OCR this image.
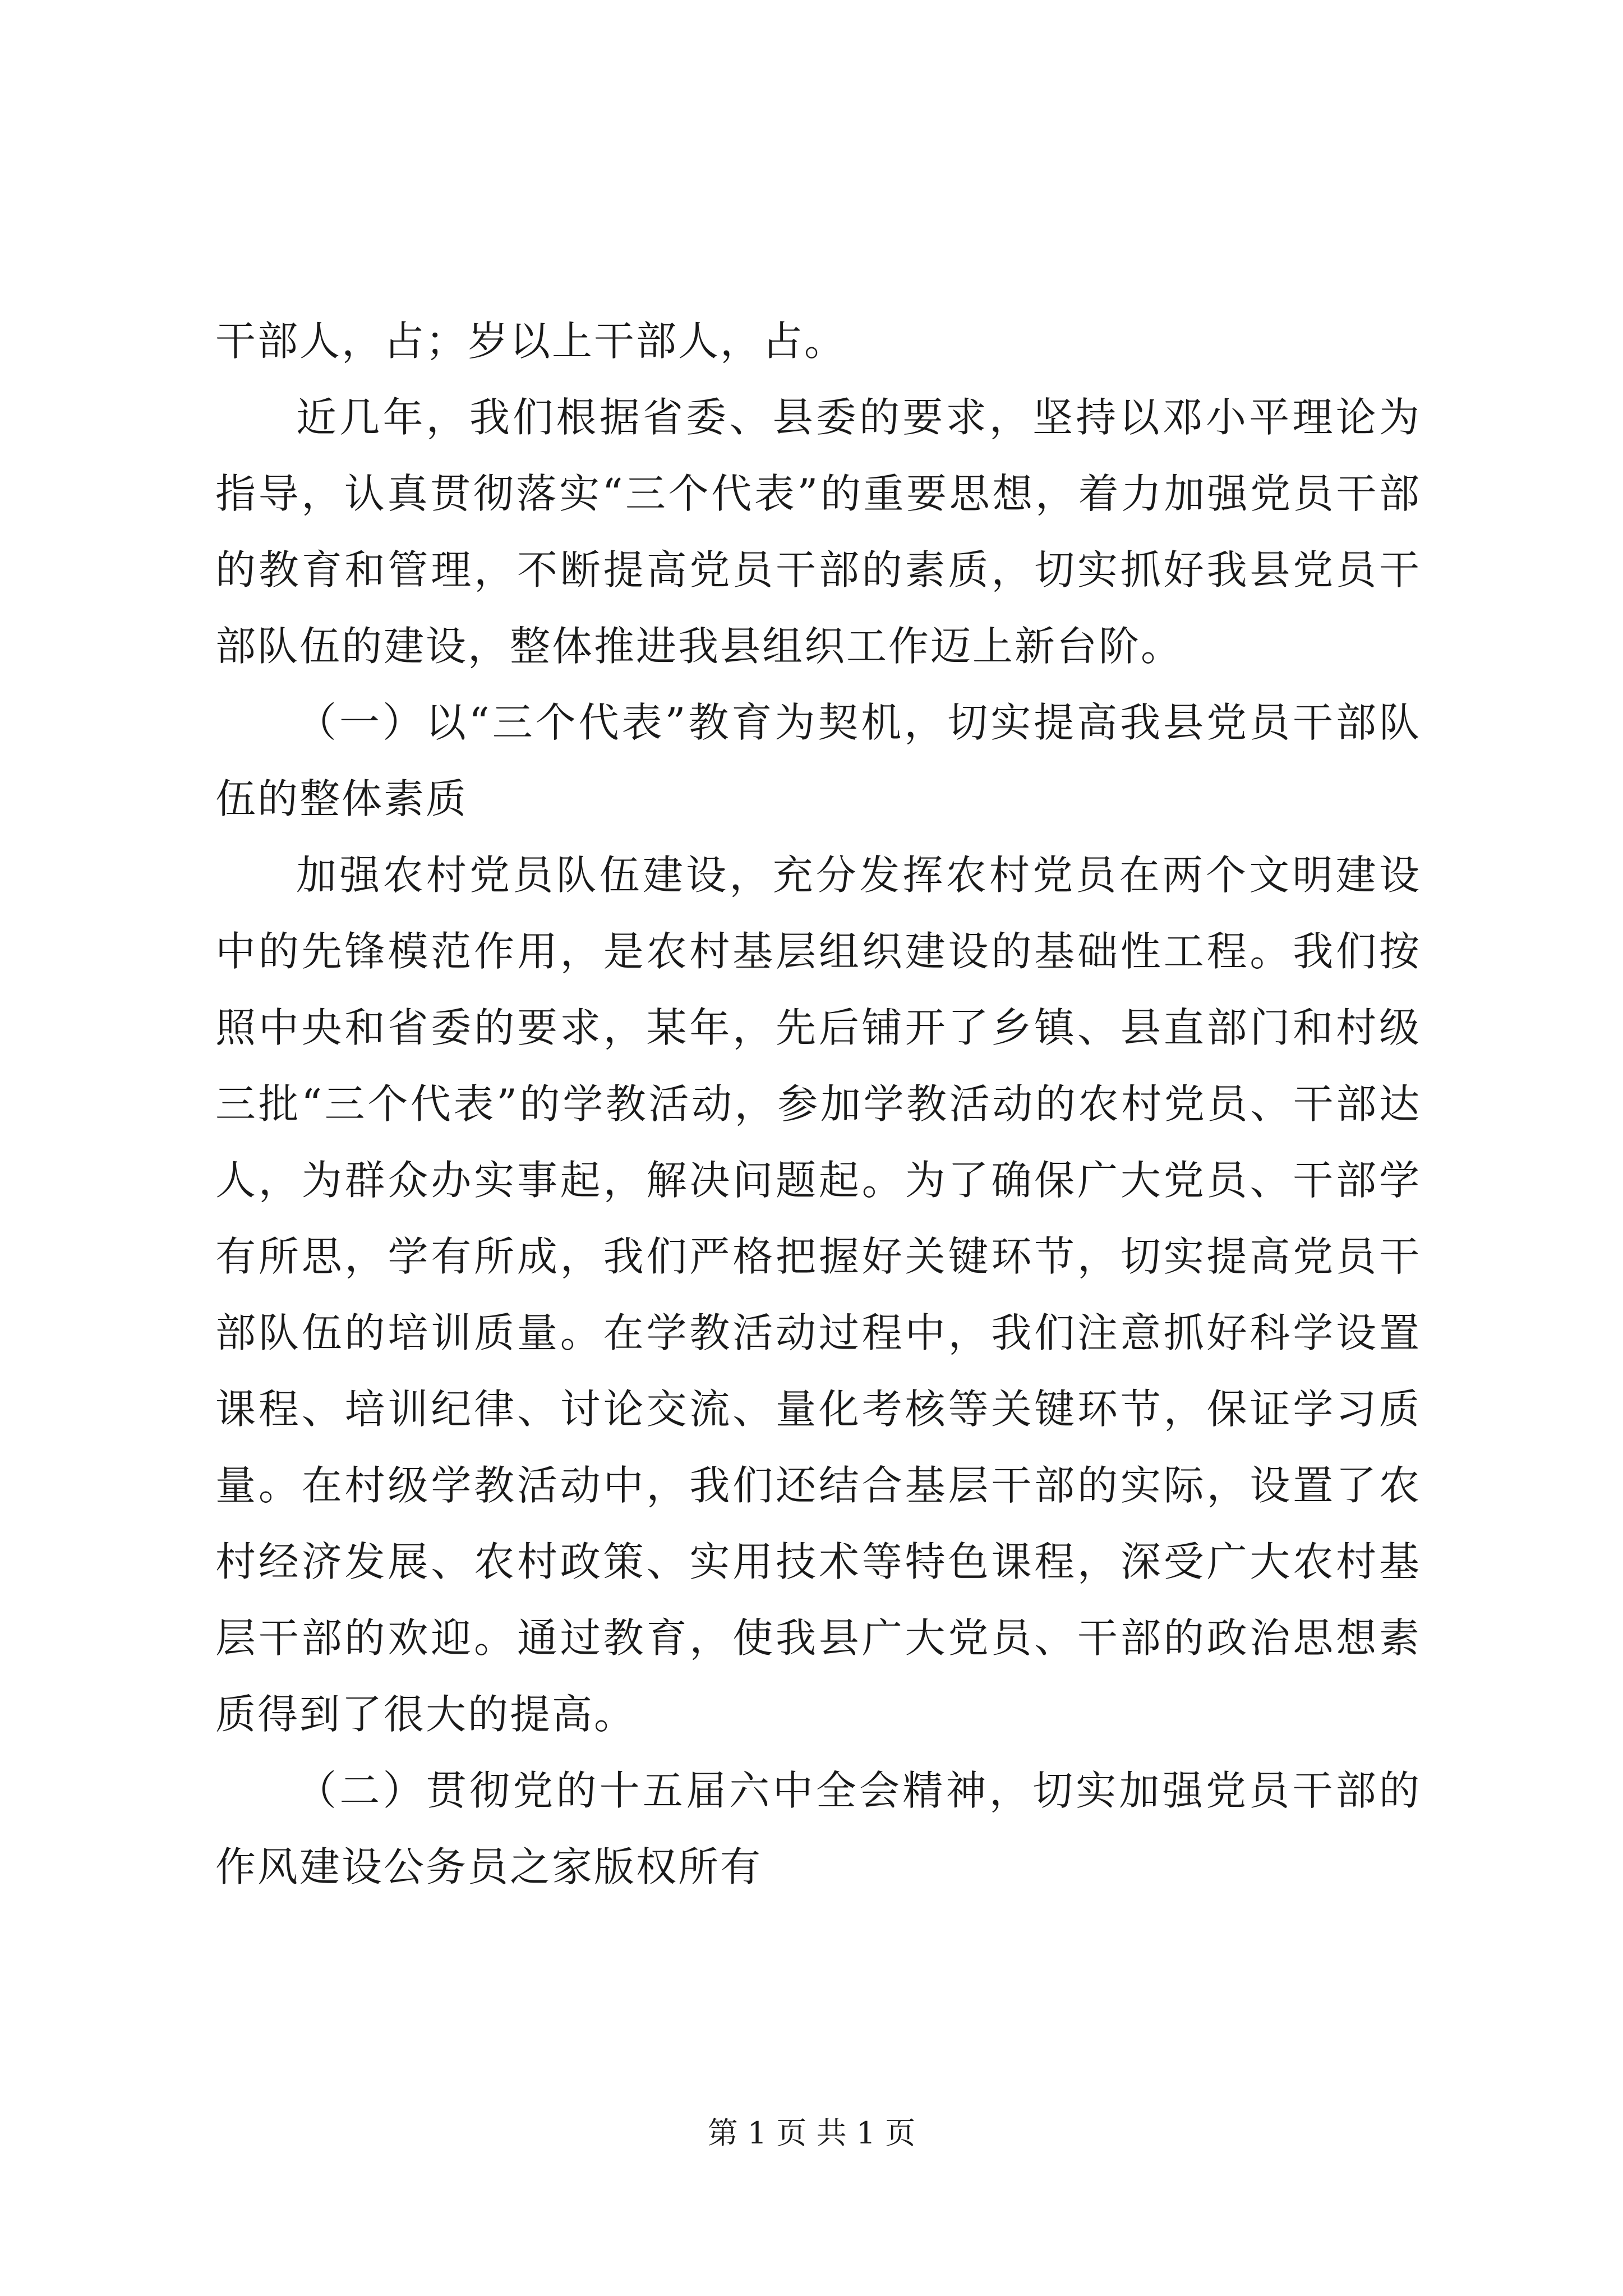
干部人，占；岁以上干部人，占。

近几年，我们根据省委、县委的要求，坚持以邓小平理论为指导，认真贯彻落实“三个代表”的重要思想，着力加强党员干部的教育和管理，不断提高党员干部的素质，切实抓好我县党员干部队伍的建设，整体推进我县组织工作迈上新台阶。

（一）以“三个代表”教育为契机，切实提高我县党员干部队伍的整体素质

加强农村党员队伍建设，充分发挥农村党员在两个文明建设中的先锋模范作用，是农村基层组织建设的基础性工程。我们按照中央和省委的要求，某年，先后铺开了乡镇、县直部门和村级三批“三个代表”的学教活动，参加学教活动的农村党员、干部达人，为群众办实事起，解决问题起。为了确保广大党员、干部学有所思，学有所成，我们严格把握好关键环节，切实提高党员干部队伍的培训质量。在学教活动过程中，我们注意抓好科学设置课程、培训纪律、讨论交流、量化考核等关键环节，保证学习质量。在村级学教活动中，我们还结合基层干部的实际，设置了农村经济发展、农村政策、实用技术等特色课程，深受广大农村基层干部的欢迎。通过教育，使我县广大党员、干部的政治思想素质得到了很大的提高。

（二）贯彻党的十五届六中全会精神，切实加强党员干部的作风建设公务员之家版权所有

第 1 页 共 1 页
